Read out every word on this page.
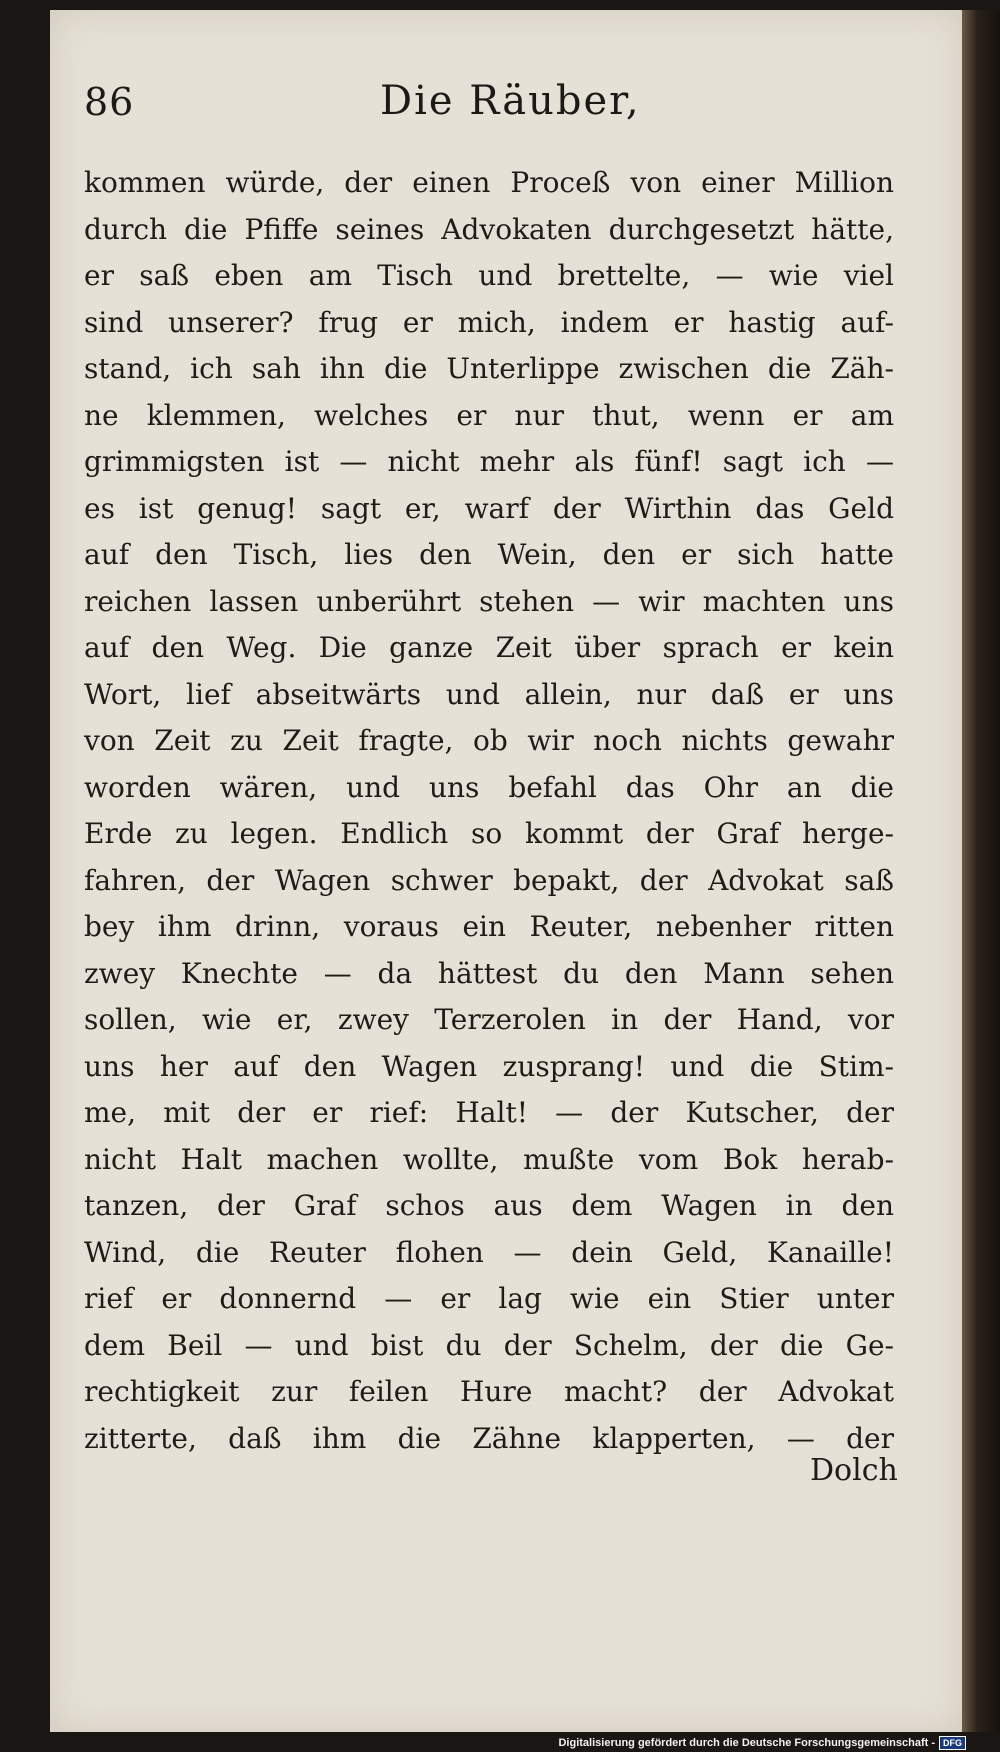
86	Die Räuber,
kommen würde, der einen Proceß von einer Million
durch die Pfiffe seines Advokaten durchgesetzt hätte,
er saß eben am Tisch und brettelte, — wie viel
sind unserer? frug er mich, indem er hastig auf-
stand, ich sah ihn die Unterlippe zwischen die Zäh-
ne klemmen, welches er nur thut, wenn er am
grimmigsten ist — nicht mehr als fünf! sagt ich —
es ist genug! sagt er, warf der Wirthin das Geld
auf den Tisch, lies den Wein, den er sich hatte
reichen lassen unberührt stehen — wir machten uns
auf den Weg. Die ganze Zeit über sprach er kein
Wort, lief abseitwärts und allein, nur daß er uns
von Zeit zu Zeit fragte, ob wir noch nichts gewahr
worden wären, und uns befahl das Ohr an die
Erde zu legen. Endlich so kommt der Graf herge-
fahren, der Wagen schwer bepakt, der Advokat saß
bey ihm drinn, voraus ein Reuter, nebenher ritten
zwey Knechte — da hättest du den Mann sehen
sollen, wie er, zwey Terzerolen in der Hand, vor
uns her auf den Wagen zusprang! und die Stim-
me, mit der er rief: Halt! — der Kutscher, der
nicht Halt machen wollte, mußte vom Bok herab-
tanzen, der Graf schos aus dem Wagen in den
Wind, die Reuter flohen — dein Geld, Kanaille!
rief er donnernd — er lag wie ein Stier unter
dem Beil — und bist du der Schelm, der die Ge-
rechtigkeit zur feilen Hure macht? der Advokat
zitterte, daß ihm die Zähne klapperten, — der
Dolch
Digitalisierung gefördert durch die Deutsche Forschungsgemeinschaft - DFG
